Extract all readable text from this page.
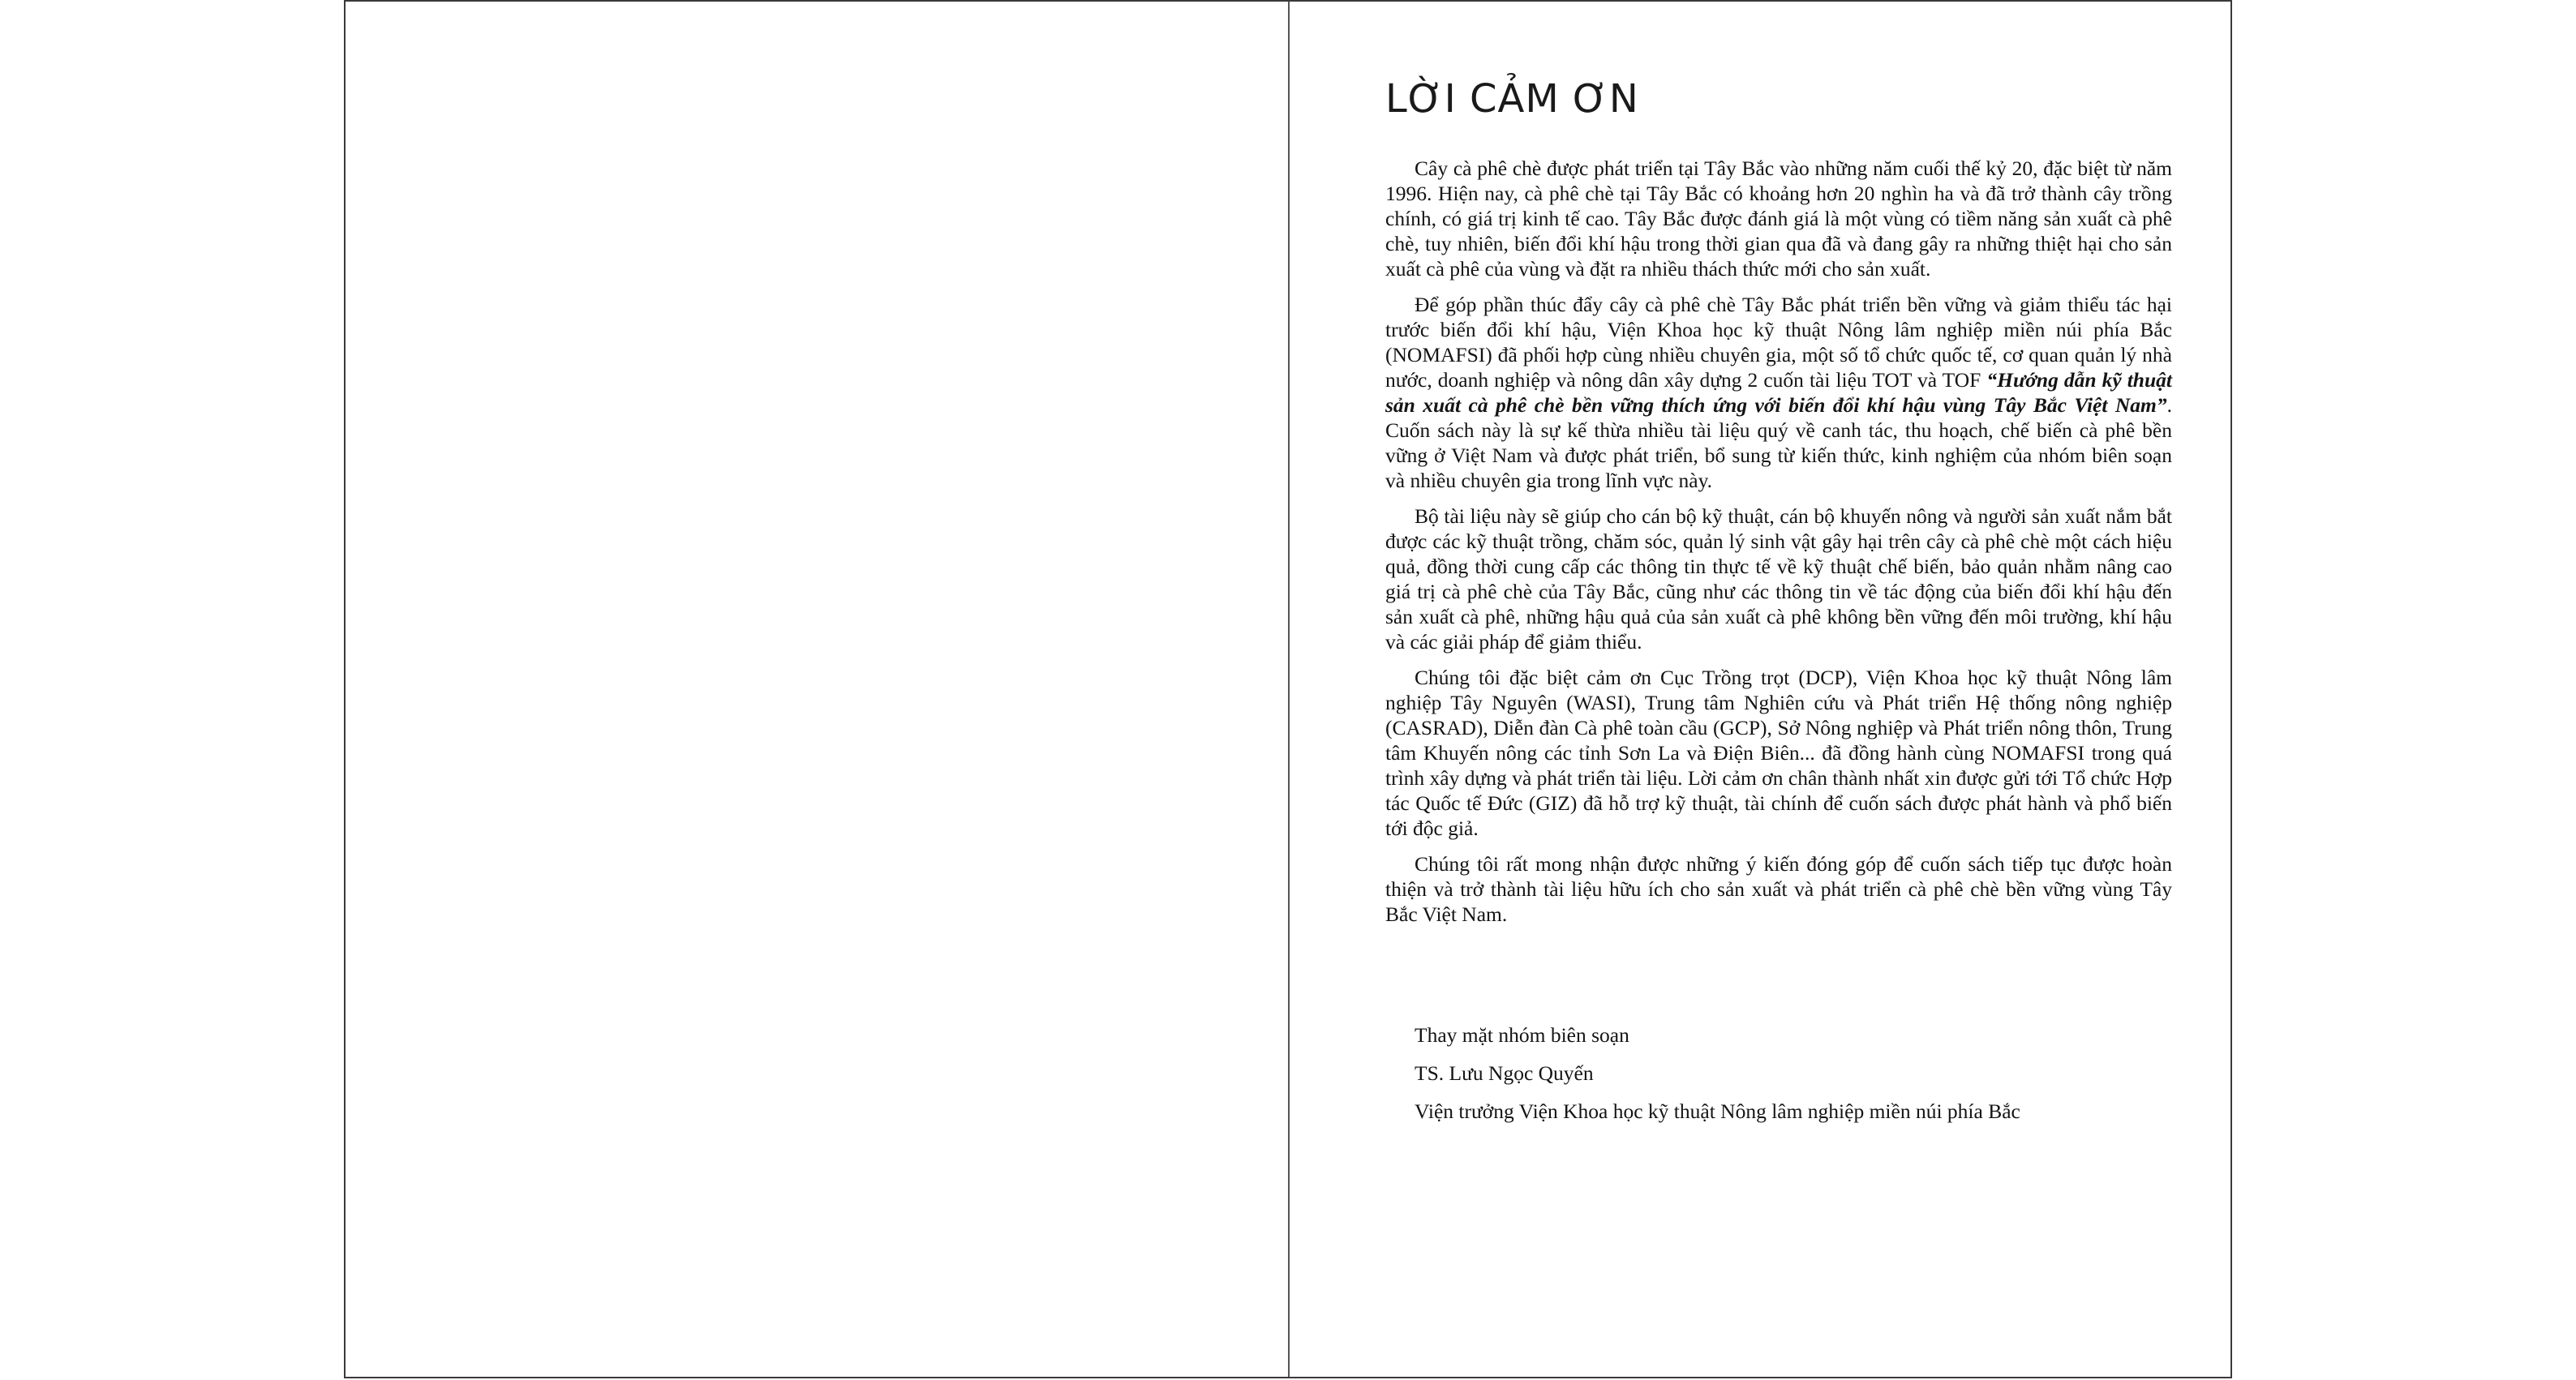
LỜI CẢM ƠN

Cây cà phê chè được phát triển tại Tây Bắc vào những năm cuối thế kỷ 20, đặc biệt từ năm 1996. Hiện nay, cà phê chè tại Tây Bắc có khoảng hơn 20 nghìn ha và đã trở thành cây trồng chính, có giá trị kinh tế cao. Tây Bắc được đánh giá là một vùng có tiềm năng sản xuất cà phê chè, tuy nhiên, biến đổi khí hậu trong thời gian qua đã và đang gây ra những thiệt hại cho sản xuất cà phê của vùng và đặt ra nhiều thách thức mới cho sản xuất.

Để góp phần thúc đẩy cây cà phê chè Tây Bắc phát triển bền vững và giảm thiểu tác hại trước biến đổi khí hậu, Viện Khoa học kỹ thuật Nông lâm nghiệp miền núi phía Bắc (NOMAFSI) đã phối hợp cùng nhiều chuyên gia, một số tổ chức quốc tế, cơ quan quản lý nhà nước, doanh nghiệp và nông dân xây dựng 2 cuốn tài liệu TOT và TOF “Hướng dẫn kỹ thuật sản xuất cà phê chè bền vững thích ứng với biến đổi khí hậu vùng Tây Bắc Việt Nam”. Cuốn sách này là sự kế thừa nhiều tài liệu quý về canh tác, thu hoạch, chế biến cà phê bền vững ở Việt Nam và được phát triển, bổ sung từ kiến thức, kinh nghiệm của nhóm biên soạn và nhiều chuyên gia trong lĩnh vực này.

Bộ tài liệu này sẽ giúp cho cán bộ kỹ thuật, cán bộ khuyến nông và người sản xuất nắm bắt được các kỹ thuật trồng, chăm sóc, quản lý sinh vật gây hại trên cây cà phê chè một cách hiệu quả, đồng thời cung cấp các thông tin thực tế về kỹ thuật chế biến, bảo quản nhằm nâng cao giá trị cà phê chè của Tây Bắc, cũng như các thông tin về tác động của biến đổi khí hậu đến sản xuất cà phê, những hậu quả của sản xuất cà phê không bền vững đến môi trường, khí hậu và các giải pháp để giảm thiểu.

Chúng tôi đặc biệt cảm ơn Cục Trồng trọt (DCP), Viện Khoa học kỹ thuật Nông lâm nghiệp Tây Nguyên (WASI), Trung tâm Nghiên cứu và Phát triển Hệ thống nông nghiệp (CASRAD), Diễn đàn Cà phê toàn cầu (GCP), Sở Nông nghiệp và Phát triển nông thôn, Trung tâm Khuyến nông các tỉnh Sơn La và Điện Biên... đã đồng hành cùng NOMAFSI trong quá trình xây dựng và phát triển tài liệu. Lời cảm ơn chân thành nhất xin được gửi tới Tổ chức Hợp tác Quốc tế Đức (GIZ) đã hỗ trợ kỹ thuật, tài chính để cuốn sách được phát hành và phổ biến tới độc giả.

Chúng tôi rất mong nhận được những ý kiến đóng góp để cuốn sách tiếp tục được hoàn thiện và trở thành tài liệu hữu ích cho sản xuất và phát triển cà phê chè bền vững vùng Tây Bắc Việt Nam.

Thay mặt nhóm biên soạn

TS. Lưu Ngọc Quyến

Viện trưởng Viện Khoa học kỹ thuật Nông lâm nghiệp miền núi phía Bắc
